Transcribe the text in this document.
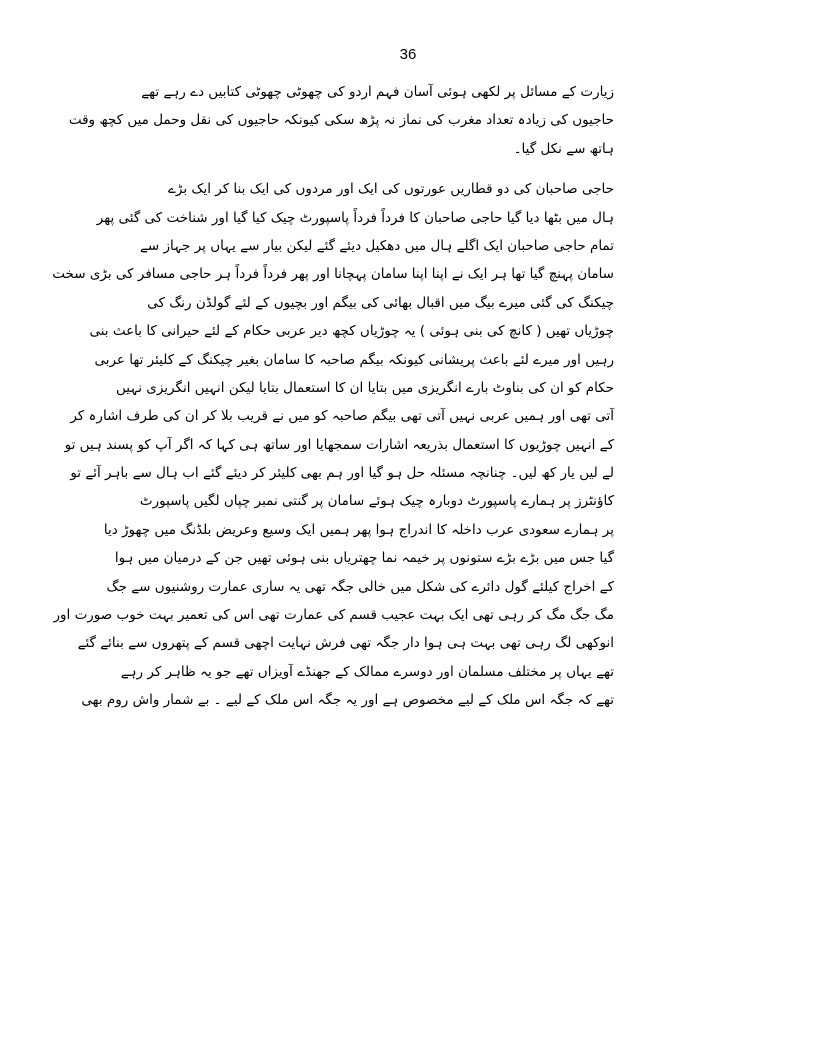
36
زیارت کے مسائل پر لکھی ہوئی آسان فہم اردو کی چھوٹی چھوٹی کتابیں دے رہے تھے
حاجیوں کی زیادہ تعداد مغرب کی نماز نہ پڑھ سکی کیونکہ حاجیوں کی نقل وحمل میں کچھ وقت
ہاتھ سے نکل گیا۔
حاجی صاحبان کی دو قطاریں عورتوں کی ایک اور مردوں کی ایک بنا کر ایک بڑے
ہال میں بٹھا دیا گیا حاجی صاحبان کا فرداً فرداً پاسپورٹ چیک کیا گیا اور شناخت کی گئی پھر
تمام حاجی صاحبان ایک اگلے ہال میں دھکیل دیئے گئے لیکن بیار سے یہاں پر جہاز سے
سامان پہنچ گیا تھا ہر ایک نے اپنا اپنا سامان پہچانا اور پھر فرداً فرداً ہر حاجی مسافر کی بڑی سخت
چیکنگ کی گئی میرے بیگ میں اقبال بھائی کی بیگم اور بچیوں کے لئے گولڈن رنگ کی
چوڑیاں تھیں ( کانچ کی بنی ہوئی ) یہ چوڑیاں کچھ دیر عربی حکام کے لئے حیرانی کا باعث بنی
رہیں اور میرے لئے باعث پریشانی کیونکہ بیگم صاحبہ کا سامان بغیر چیکنگ کے کلیئر تھا عربی
حکام کو ان کی بناوٹ بارے انگریزی میں بتایا ان کا استعمال بتایا لیکن انہیں انگریزی نہیں
آتی تھی اور ہمیں عربی نہیں آتی تھی بیگم صاحبہ کو میں نے قریب بلا کر ان کی طرف اشارہ کر
کے انہیں چوڑیوں کا استعمال بذریعہ اشارات سمجھایا اور ساتھ ہی کہا کہ اگر آپ کو پسند ہیں تو
لے لیں یار کھ لیں۔ چنانچہ مسئلہ حل ہو گیا اور ہم بھی کلیئر کر دیئے گئے اب ہال سے باہر آئے تو
کاؤنٹرز پر ہمارے پاسپورٹ دوبارہ چیک ہوئے سامان پر گنتی نمبر چپاں لگیں پاسپورٹ
پر ہمارے سعودی عرب داخلہ کا اندراج ہوا پھر ہمیں ایک وسیع وعریض بلڈنگ میں چھوڑ دیا
گیا جس میں بڑے بڑے ستونوں پر خیمہ نما چھتریاں بنی ہوئی تھیں جن کے درمیان میں ہوا
کے اخراج کیلئے گول دائرے کی شکل میں خالی جگہ تھی یہ ساری عمارت روشنیوں سے جگ
مگ جگ مگ کر رہی تھی ایک بہت عجیب قسم کی عمارت تھی اس کی تعمیر بہت خوب صورت اور
انوکھی لگ رہی تھی بہت ہی ہوا دار جگہ تھی فرش نہایت اچھی قسم کے پتھروں سے بنائے گئے
تھے یہاں پر مختلف مسلمان اور دوسرے ممالک کے جھنڈے آویزاں تھے جو یہ ظاہر کر رہے
تھے کہ جگہ اس ملک کے لیے مخصوص ہے اور یہ جگہ اس ملک کے لیے ۔ بے شمار واش روم بھی
